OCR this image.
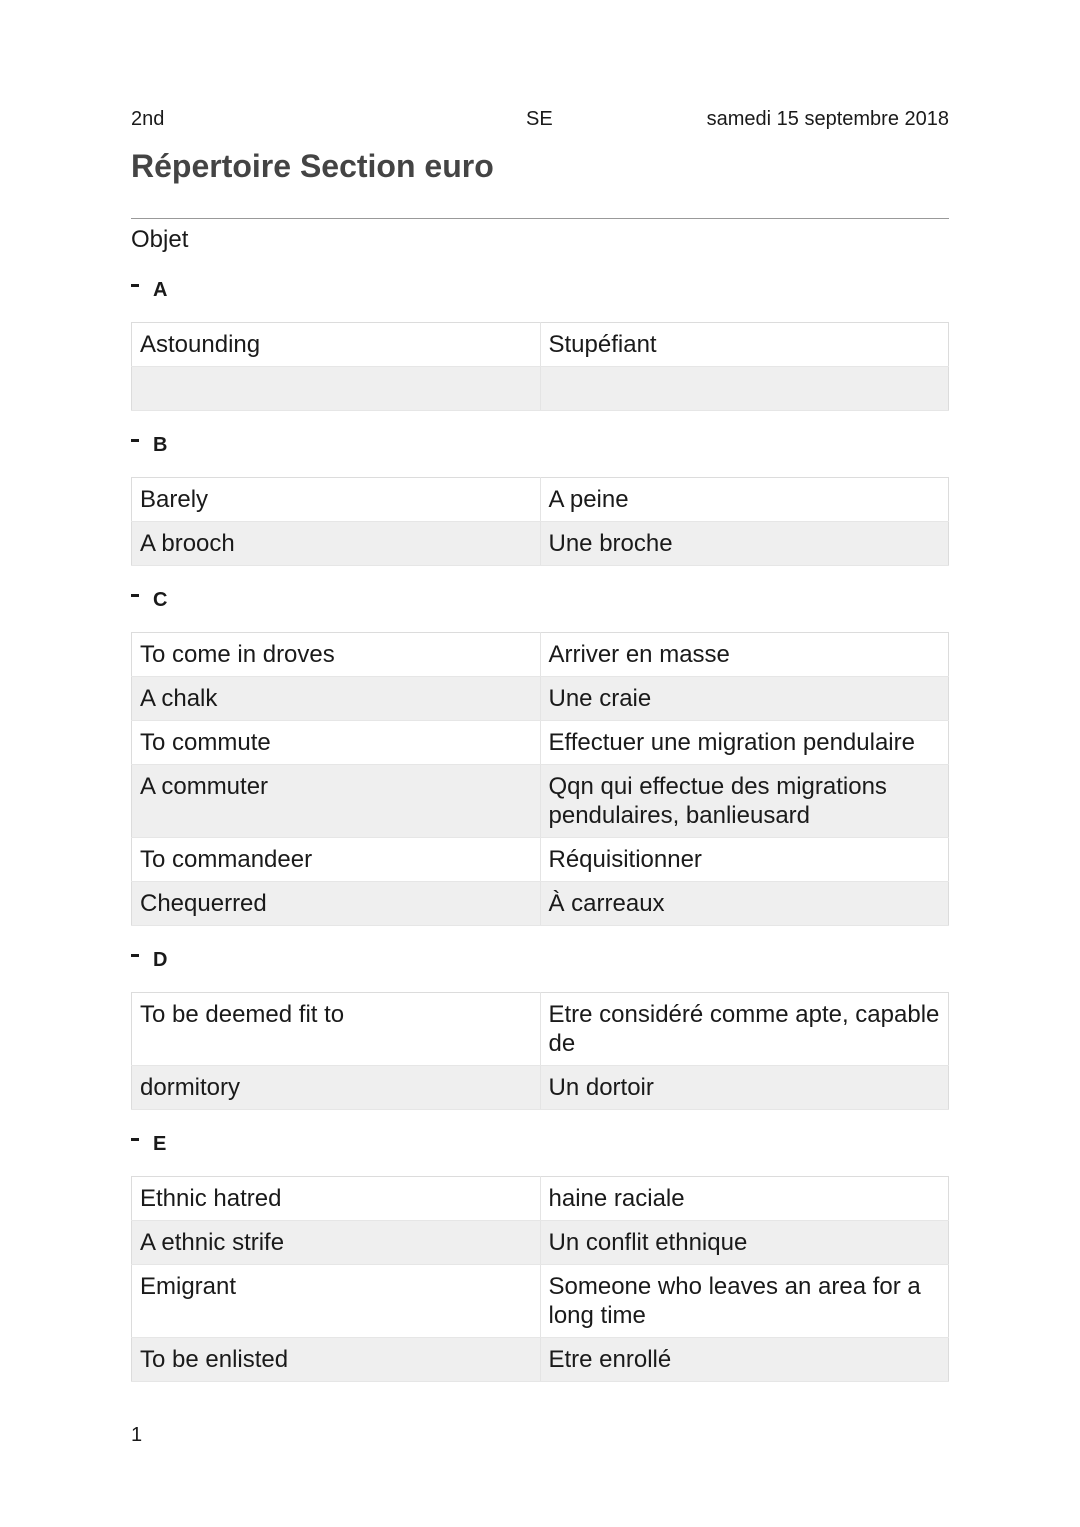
2nd	SE	samedi 15 septembre 2018
Répertoire Section euro
Objet
A
Astounding	Stupéfiant

B
Barely	A peine
A brooch	Une broche
C
To come in droves	Arriver en masse
A chalk	Une craie
To commute	Effectuer une migration pendulaire
A commuter	Qqn qui effectue des migrations pendulaires, banlieusard
To commandeer	Réquisitionner
Chequerred	À carreaux
D
To be deemed fit to	Etre considéré comme apte, capable de
dormitory	Un dortoir
E
Ethnic hatred	haine raciale
A ethnic strife	Un conflit ethnique
Emigrant	Someone who leaves an area for a long time
To be enlisted	Etre enrollé
1
